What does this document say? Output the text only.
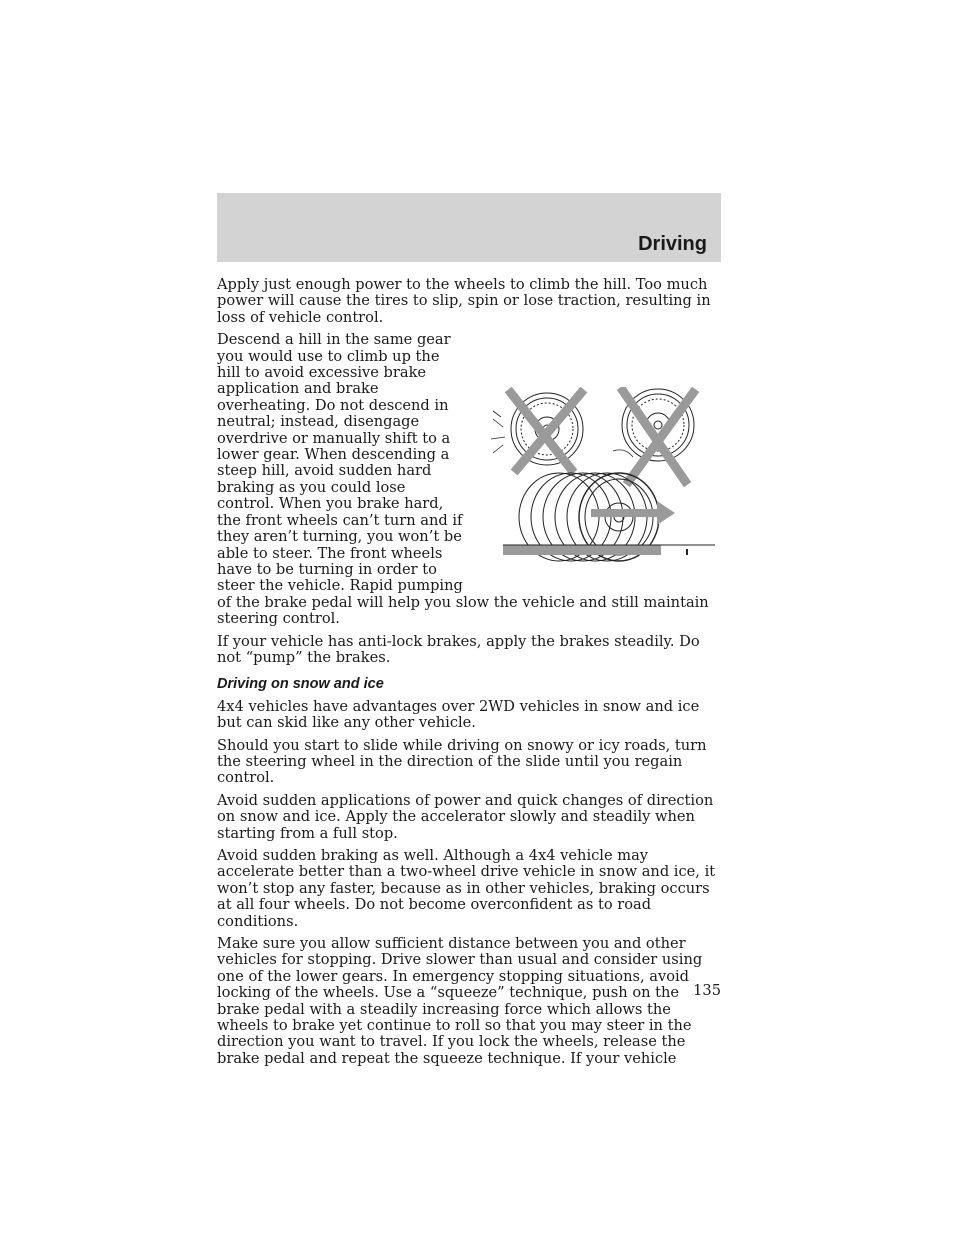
Driving

Apply just enough power to the wheels to climb the hill. Too much power will cause the tires to slip, spin or lose traction, resulting in loss of vehicle control.

Descend a hill in the same gear you would use to climb up the hill to avoid excessive brake application and brake overheating. Do not descend in neutral; instead, disengage overdrive or manually shift to a lower gear. When descending a steep hill, avoid sudden hard braking as you could lose control. When you brake hard, the front wheels can’t turn and if they aren’t turning, you won’t be able to steer. The front wheels have to be turning in order to steer the vehicle. Rapid pumping of the brake pedal will help you slow the vehicle and still maintain steering control.

If your vehicle has anti-lock brakes, apply the brakes steadily. Do not “pump” the brakes.

Driving on snow and ice

4x4 vehicles have advantages over 2WD vehicles in snow and ice but can skid like any other vehicle.

Should you start to slide while driving on snowy or icy roads, turn the steering wheel in the direction of the slide until you regain control.

Avoid sudden applications of power and quick changes of direction on snow and ice. Apply the accelerator slowly and steadily when starting from a full stop.

Avoid sudden braking as well. Although a 4x4 vehicle may accelerate better than a two-wheel drive vehicle in snow and ice, it won’t stop any faster, because as in other vehicles, braking occurs at all four wheels. Do not become overconfident as to road conditions.

Make sure you allow sufficient distance between you and other vehicles for stopping. Drive slower than usual and consider using one of the lower gears. In emergency stopping situations, avoid locking of the wheels. Use a “squeeze” technique, push on the brake pedal with a steadily increasing force which allows the wheels to brake yet continue to roll so that you may steer in the direction you want to travel. If you lock the wheels, release the brake pedal and repeat the squeeze technique. If your vehicle

135
